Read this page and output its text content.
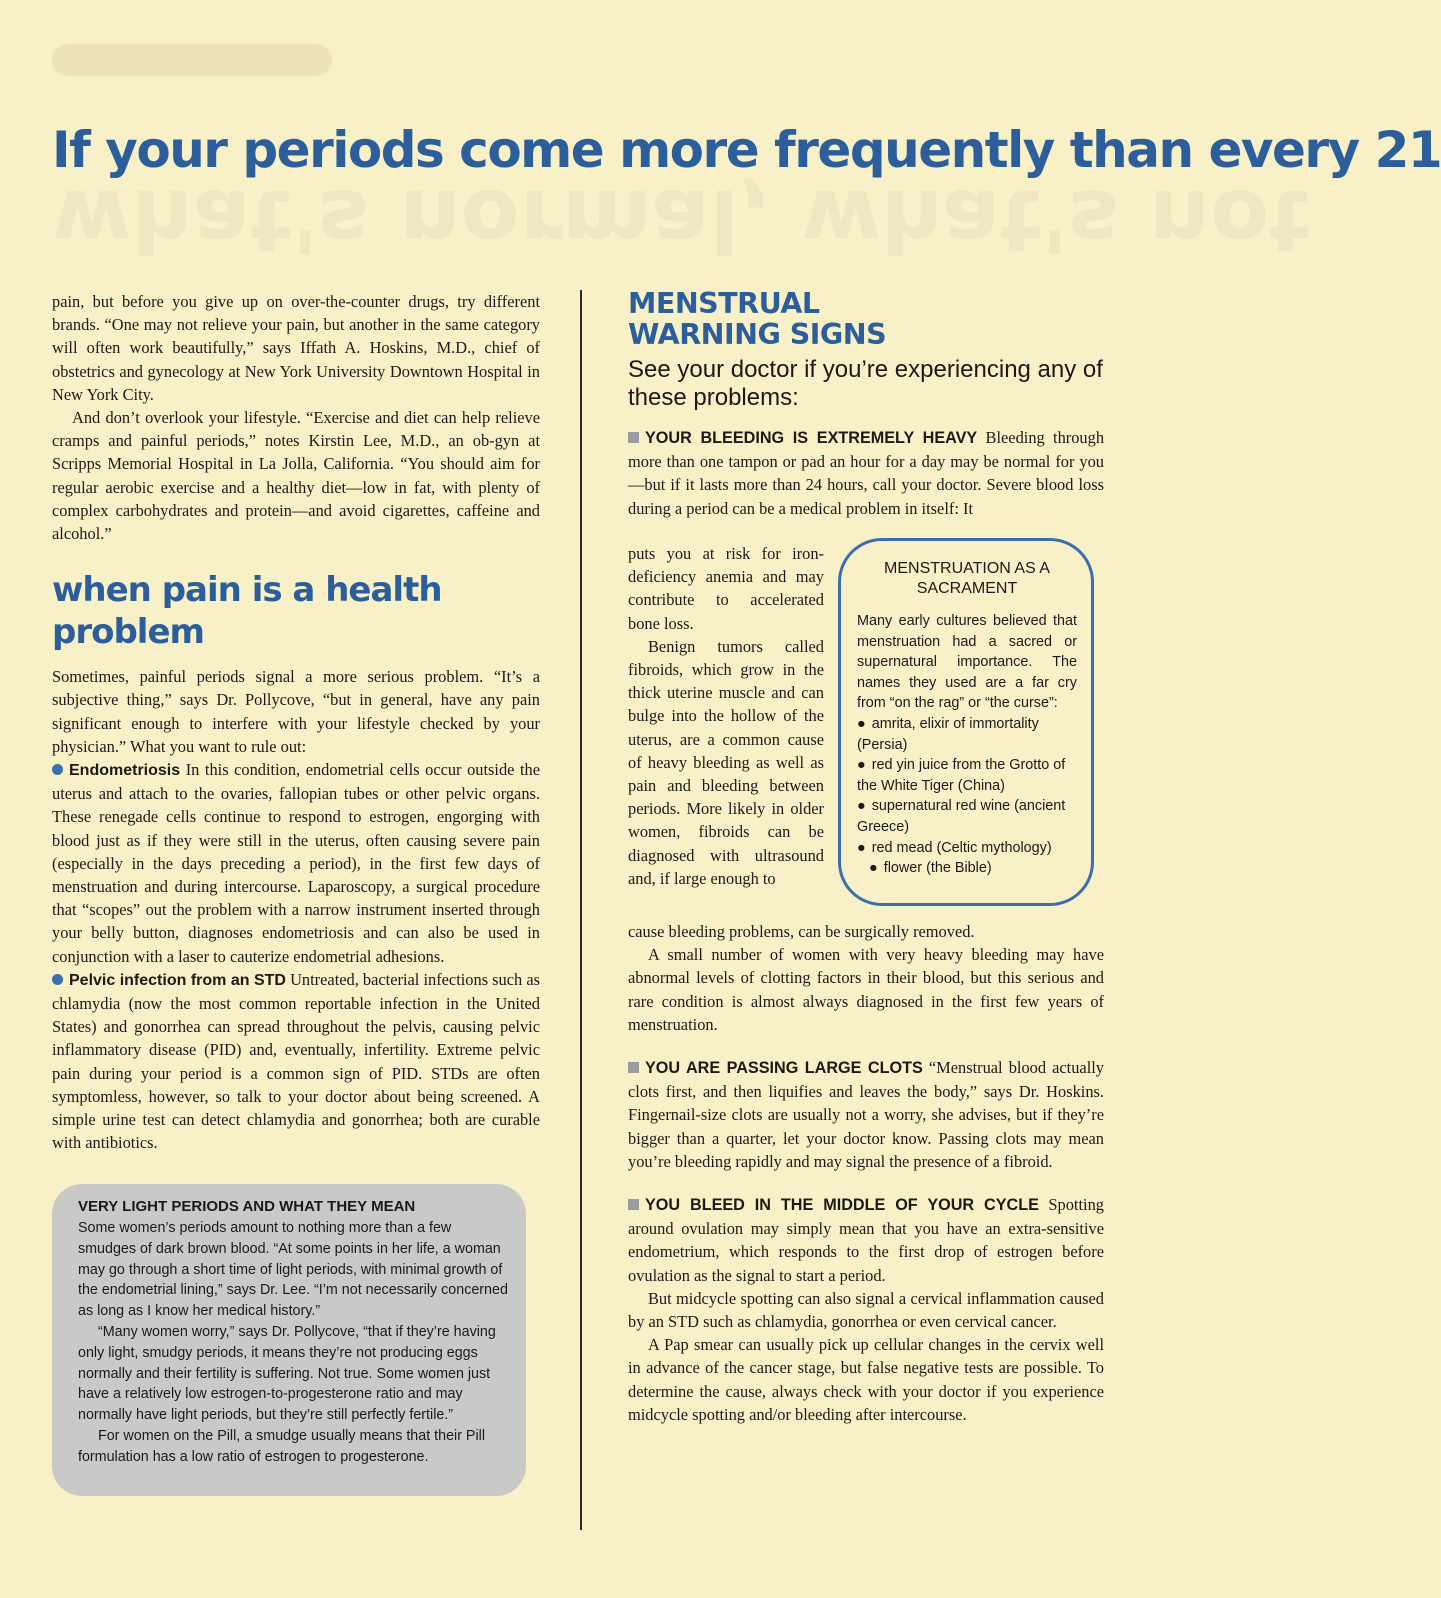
what's normal, what's not
If your periods come more frequently than every 21

pain, but before you give up on over-the-counter drugs, try different brands. “One may not relieve your pain, but another in the same category will often work beautifully,” says Iffath A. Hoskins, M.D., chief of obstetrics and gynecology at New York University Downtown Hospital in New York City.

And don’t overlook your lifestyle. “Exercise and diet can help relieve cramps and painful periods,” notes Kirstin Lee, M.D., an ob-gyn at Scripps Memorial Hospital in La Jolla, California. “You should aim for regular aerobic exercise and a healthy diet—low in fat, with plenty of complex carbohydrates and protein—and avoid cigarettes, caffeine and alcohol.”

when pain is a health problem

Sometimes, painful periods signal a more serious problem. “It’s a subjective thing,” says Dr. Pollycove, “but in general, have any pain significant enough to interfere with your lifestyle checked by your physician.” What you want to rule out:

Endometriosis In this condition, endometrial cells occur outside the uterus and attach to the ovaries, fallopian tubes or other pelvic organs. These renegade cells continue to respond to estrogen, engorging with blood just as if they were still in the uterus, often causing severe pain (especially in the days preceding a period), in the first few days of menstruation and during intercourse. Laparoscopy, a surgical procedure that “scopes” out the problem with a narrow instrument inserted through your belly button, diagnoses endometriosis and can also be used in conjunction with a laser to cauterize endometrial adhesions.

Pelvic infection from an STD Untreated, bacterial infections such as chlamydia (now the most common reportable infection in the United States) and gonorrhea can spread throughout the pelvis, causing pelvic inflammatory disease (PID) and, eventually, infertility. Extreme pelvic pain during your period is a common sign of PID. STDs are often symptomless, however, so talk to your doctor about being screened. A simple urine test can detect chlamydia and gonorrhea; both are curable with antibiotics.

VERY LIGHT PERIODS AND WHAT THEY MEAN

Some women’s periods amount to nothing more than a few smudges of dark brown blood. “At some points in her life, a woman may go through a short time of light periods, with minimal growth of the endometrial lining,” says Dr. Lee. “I’m not necessarily concerned as long as I know her medical history.”

“Many women worry,” says Dr. Pollycove, “that if they’re having only light, smudgy periods, it means they’re not producing eggs normally and their fertility is suffering. Not true. Some women just have a relatively low estrogen-to-progesterone ratio and may normally have light periods, but they’re still perfectly fertile.”

For women on the Pill, a smudge usually means that their Pill formulation has a low ratio of estrogen to progesterone.

MENSTRUAL WARNING SIGNS

See your doctor if you’re experiencing any of these problems:

YOUR BLEEDING IS EXTREMELY HEAVY Bleeding through more than one tampon or pad an hour for a day may be normal for you—but if it lasts more than 24 hours, call your doctor. Severe blood loss during a period can be a medical problem in itself: It

puts you at risk for iron-deficiency anemia and may contribute to accelerated bone loss.

Benign tumors called fibroids, which grow in the thick uterine muscle and can bulge into the hollow of the uterus, are a common cause of heavy bleeding as well as pain and bleeding between periods. More likely in older women, fibroids can be diagnosed with ultrasound and, if large enough to

MENSTRUATION AS A SACRAMENT

Many early cultures believed that menstruation had a sacred or supernatural importance. The names they used are a far cry from “on the rag” or “the curse”:

● amrita, elixir of immortality (Persia)
● red yin juice from the Grotto of the White Tiger (China)
● supernatural red wine (ancient Greece)
● red mead (Celtic mythology)
● flower (the Bible)

cause bleeding problems, can be surgically removed.

A small number of women with very heavy bleeding may have abnormal levels of clotting factors in their blood, but this serious and rare condition is almost always diagnosed in the first few years of menstruation.

YOU ARE PASSING LARGE CLOTS “Menstrual blood actually clots first, and then liquifies and leaves the body,” says Dr. Hoskins. Fingernail-size clots are usually not a worry, she advises, but if they’re bigger than a quarter, let your doctor know. Passing clots may mean you’re bleeding rapidly and may signal the presence of a fibroid.

YOU BLEED IN THE MIDDLE OF YOUR CYCLE Spotting around ovulation may simply mean that you have an extra-sensitive endometrium, which responds to the first drop of estrogen before ovulation as the signal to start a period.

But midcycle spotting can also signal a cervical inflammation caused by an STD such as chlamydia, gonorrhea or even cervical cancer.

A Pap smear can usually pick up cellular changes in the cervix well in advance of the cancer stage, but false negative tests are possible. To determine the cause, always check with your doctor if you experience midcycle spotting and/or bleeding after intercourse.
